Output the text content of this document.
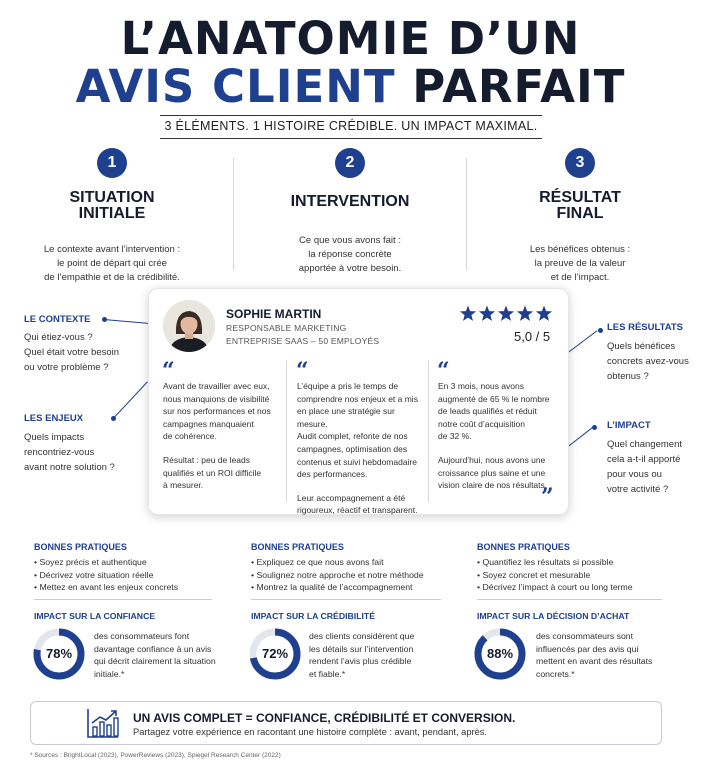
L’ANATOMIE D’UN
AVIS CLIENT PARFAIT
3 ÉLÉMENTS. 1 HISTOIRE CRÉDIBLE. UN IMPACT MAXIMAL.
1
SITUATION
INITIALE
Le contexte avant l’intervention :
le point de départ qui crée
de l’empathie et de la crédibilité.
2
INTERVENTION
Ce que vous avons fait :
la réponse concrète
apportée à votre besoin.
3
RÉSULTAT
FINAL
Les bénéfices obtenus :
la preuve de la valeur
et de l’impact.
LE CONTEXTE
Qui étiez-vous ?
Quel était votre besoin
ou votre problème ?
LES ENJEUX
Quels impacts
rencontriez-vous
avant notre solution ?
LES RÉSULTATS
Quels bénéfices
concrets avez-vous
obtenus ?
L’IMPACT
Quel changement
cela a-t-il apporté
pour vous ou
votre activité ?
SOPHIE MARTIN
RESPONSABLE MARKETING
ENTREPRISE SAAS – 50 EMPLOYÉS	5,0 / 5
“
Avant de travailler avec eux,
nous manquions de visibilité
sur nos performances et nos
campagnes manquaient
de cohérence.
Résultat : peu de leads
qualifiés et un ROI difficile
à mesurer.
“
L’équipe a pris le temps de
comprendre nos enjeux et a mis
en place une stratégie sur mesure.
Audit complet, refonte de nos
campagnes, optimisation des
contenus et suivi hebdomadaire
des performances.
Leur accompagnement a été
rigoureux, réactif et transparent.
“
En 3 mois, nous avons
augmenté de 65 % le nombre
de leads qualifiés et réduit
notre coût d’acquisition
de 32 %.
Aujourd’hui, nous avons une
croissance plus saine et une
vision claire de nos résultats.
”
BONNES PRATIQUES
• Soyez précis et authentique
• Décrivez votre situation réelle
• Mettez en avant les enjeux concrets
IMPACT SUR LA CONFIANCE
78%
des consommateurs font
davantage confiance à un avis
qui décrit clairement la situation
initiale.*
BONNES PRATIQUES
• Expliquez ce que nous avons fait
• Soulignez notre approche et notre méthode
• Montrez la qualité de l’accompagnement
IMPACT SUR LA CRÉDIBILITÉ
72%
des clients considèrent que
les détails sur l’intervention
rendent l’avis plus crédible
et fiable.*
BONNES PRATIQUES
• Quantifiez les résultats si possible
• Soyez concret et mesurable
• Décrivez l’impact à court ou long terme
IMPACT SUR LA DÉCISION D’ACHAT
88%
des consommateurs sont
influencés par des avis qui
mettent en avant des résultats
concrets.*
UN AVIS COMPLET = CONFIANCE, CRÉDIBILITÉ ET CONVERSION.
Partagez votre expérience en racontant une histoire complète : avant, pendant, après.
* Sources : BrightLocal (2023), PowerReviews (2023), Spiegel Research Center (2022)
